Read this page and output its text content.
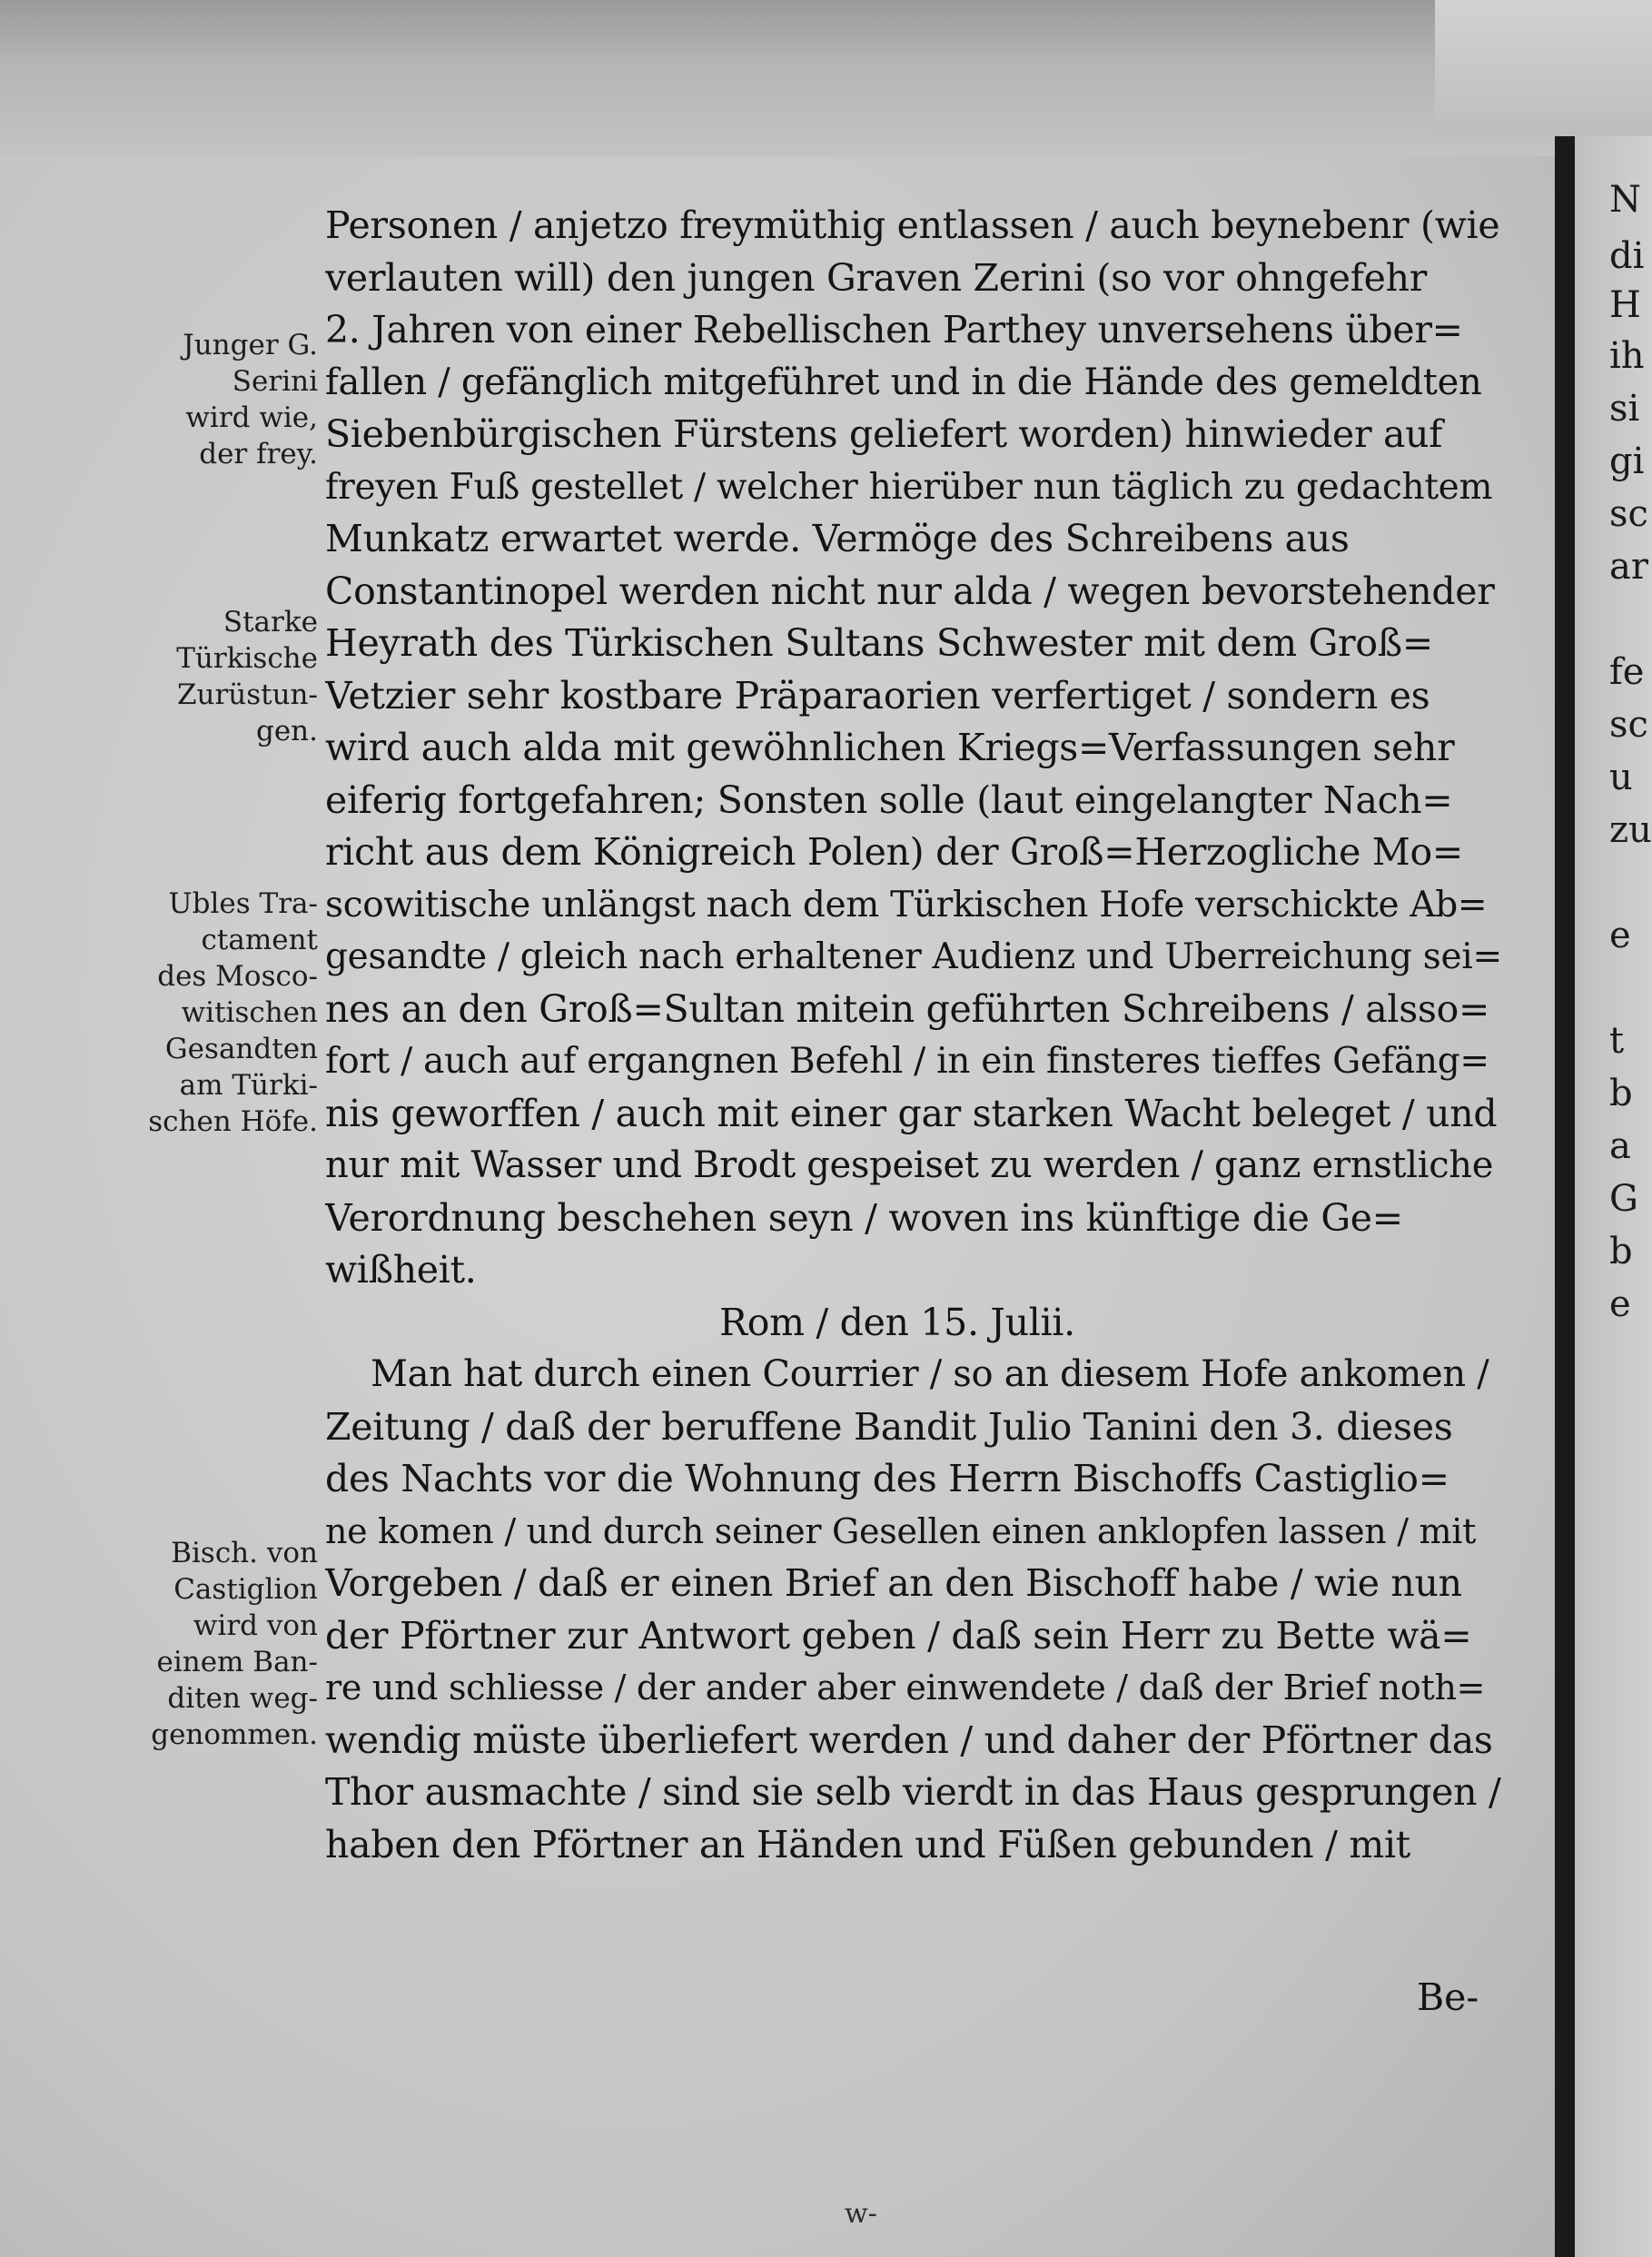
N
di
H
ih
si
gi
sc
ar
fe
sc
u
zu
e
t
b
a
G
b
e
Junger G.
Serini
wird wie,
der frey.
Starke
Türkische
Zurüstun-
gen.
Ubles Tra-
ctament
des Mosco-
witischen
Gesandten
am Türki-
schen Höfe.
Bisch. von
Castiglion
wird von
einem Ban-
diten weg-
genommen.
Personen / anjetzo freymüthig entlassen / auch beynebenr (wie
verlauten will) den jungen Graven Zerini (so vor ohngefehr
2. Jahren von einer Rebellischen Parthey unversehens über=
fallen / gefänglich mitgeführet und in die Hände des gemeldten
Siebenbürgischen Fürstens geliefert worden) hinwieder auf
freyen Fuß gestellet / welcher hierüber nun täglich zu gedachtem
Munkatz erwartet werde. Vermöge des Schreibens aus
Constantinopel werden nicht nur alda / wegen bevorstehender
Heyrath des Türkischen Sultans Schwester mit dem Groß=
Vetzier sehr kostbare Präparaorien verfertiget / sondern es
wird auch alda mit gewöhnlichen Kriegs=Verfassungen sehr
eiferig fortgefahren; Sonsten solle (laut eingelangter Nach=
richt aus dem Königreich Polen) der Groß=Herzogliche Mo=
scowitische unlängst nach dem Türkischen Hofe verschickte Ab=
gesandte / gleich nach erhaltener Audienz und Uberreichung sei=
nes an den Groß=Sultan mitein geführten Schreibens / alsso=
fort / auch auf ergangnen Befehl / in ein finsteres tieffes Gefäng=
nis geworffen / auch mit einer gar starken Wacht beleget / und
nur mit Wasser und Brodt gespeiset zu werden / ganz ernstliche
Verordnung beschehen seyn / woven ins künftige die Ge=
wißheit.
Rom / den 15. Julii.
Man hat durch einen Courrier / so an diesem Hofe ankomen /
Zeitung / daß der beruffene Bandit Julio Tanini den 3. dieses
des Nachts vor die Wohnung des Herrn Bischoffs Castiglio=
ne komen / und durch seiner Gesellen einen anklopfen lassen / mit
Vorgeben / daß er einen Brief an den Bischoff habe / wie nun
der Pförtner zur Antwort geben / daß sein Herr zu Bette wä=
re und schliesse / der ander aber einwendete / daß der Brief noth=
wendig müste überliefert werden / und daher der Pförtner das
Thor ausmachte / sind sie selb vierdt in das Haus gesprungen /
haben den Pförtner an Händen und Füßen gebunden / mit
Be-
w-
